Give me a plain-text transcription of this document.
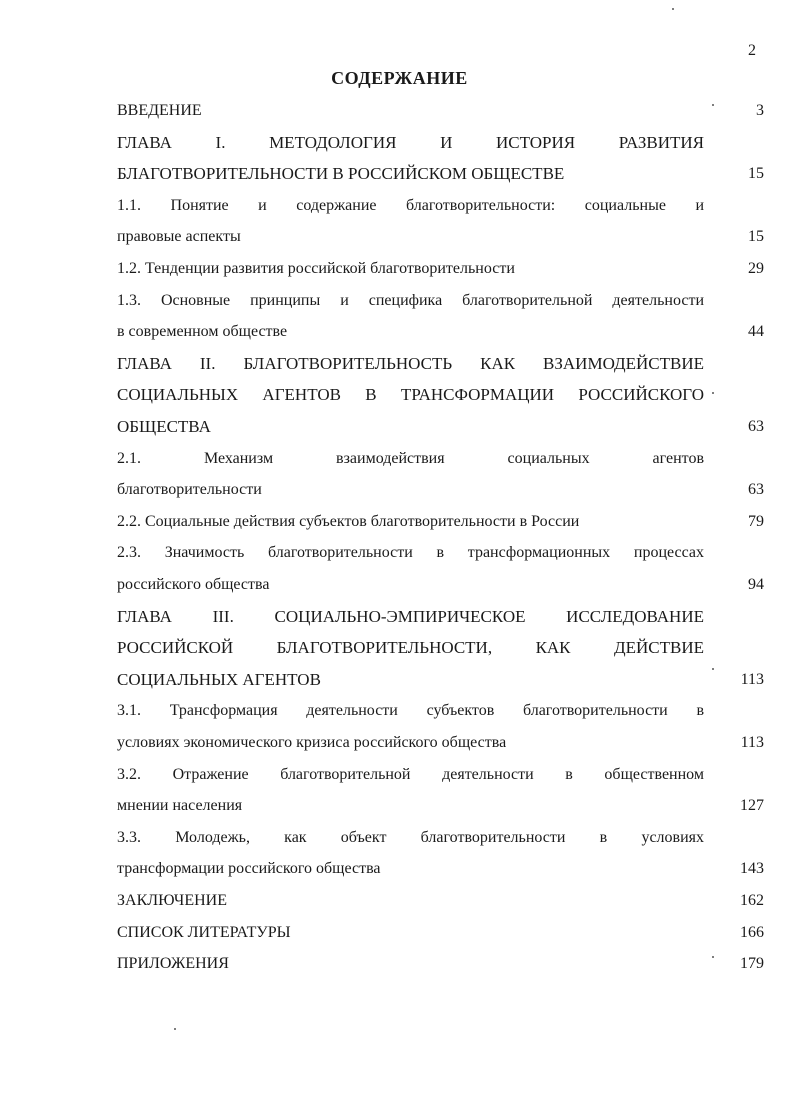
2
СОДЕРЖАНИЕ
ВВЕДЕНИЕ	3
ГЛАВА I. МЕТОДОЛОГИЯ И ИСТОРИЯ РАЗВИТИЯ
БЛАГОТВОРИТЕЛЬНОСТИ В РОССИЙСКОМ ОБЩЕСТВЕ	15
1.1. Понятие и содержание благотворительности: социальные и
правовые аспекты	15
1.2. Тенденции развития российской благотворительности	29
1.3. Основные принципы и специфика благотворительной деятельности
в современном обществе	44
ГЛАВА II. БЛАГОТВОРИТЕЛЬНОСТЬ КАК ВЗАИМОДЕЙСТВИЕ
СОЦИАЛЬНЫХ АГЕНТОВ В ТРАНСФОРМАЦИИ РОССИЙСКОГО
ОБЩЕСТВА	63
2.1. Механизм взаимодействия социальных агентов
благотворительности	63
2.2. Социальные действия субъектов благотворительности в России	79
2.3. Значимость благотворительности в трансформационных процессах
российского общества	94
ГЛАВА III. СОЦИАЛЬНО-ЭМПИРИЧЕСКОЕ ИССЛЕДОВАНИЕ
РОССИЙСКОЙ БЛАГОТВОРИТЕЛЬНОСТИ, КАК ДЕЙСТВИЕ
СОЦИАЛЬНЫХ АГЕНТОВ	113
3.1. Трансформация деятельности субъектов благотворительности в
условиях экономического кризиса российского общества	113
3.2. Отражение благотворительной деятельности в общественном
мнении населения	127
3.3. Молодежь, как объект благотворительности в условиях
трансформации российского общества	143
ЗАКЛЮЧЕНИЕ	162
СПИСОК ЛИТЕРАТУРЫ	166
ПРИЛОЖЕНИЯ	179
